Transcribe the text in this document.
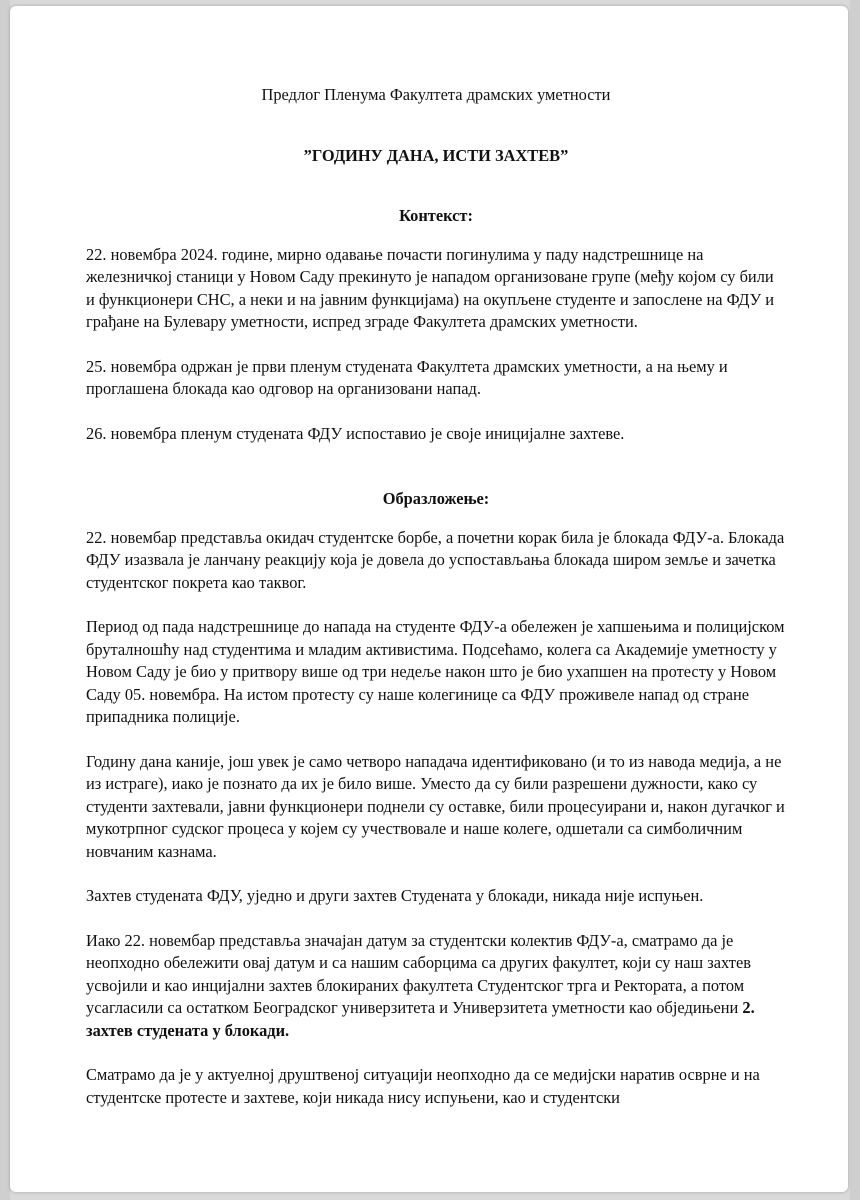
Предлог Пленума Факултета драмских уметности

”ГОДИНУ ДАНА, ИСТИ ЗАХТЕВ”

Контекст:

22. новембра 2024. године, мирно одавање почасти погинулима у паду надстрешнице на железничкој станици у Новом Саду прекинуто је нападом организоване групе (међу којом су били и функционери СНС, а неки и на јавним функцијама) на окупљене студенте и запослене на ФДУ и грађане на Булевару уметности, испред зграде Факултета драмских уметности.

25. новембра одржан је први пленум студената Факултета драмских уметности, а на њему и проглашена блокада као одговор на организовани напад.

26. новембра пленум студената ФДУ испоставио је своје иницијалне захтеве.

Образложење:

22. новембар представља окидач студентске борбе, а почетни корак била је блокада ФДУ-а. Блокада ФДУ изазвала је ланчану реакцију која је довела до успостављања блокада широм земље и зачетка студентског покрета као таквог.

Период од пада надстрешнице до напада на студенте ФДУ-а обележен је хапшењима и полицијском бруталношћу над студентима и младим активистима. Подсећамо, колега са Академије уметносту у Новом Саду је био у притвору више од три недеље након што је био ухапшен на протесту у Новом Саду 05. новембра. На истом протесту су наше колегинице са ФДУ проживеле напад од стране припадника полиције.

Годину дана каније, још увек је само четворо нападача идентификовано (и то из навода медија, а не из истраге), иако је познато да их је било више. Уместо да су били разрешени дужности, како су студенти захтевали, јавни функционери поднели су оставке, били процесуирани и, након дугачког и мукотрпног судског процеса у којем су учествовале и наше колеге, одшетали са симболичним новчаним казнама.

Захтев студената ФДУ, уједно и други захтев Студената у блокади, никада није испуњен.

Иако 22. новембар представља значајан датум за студентски колектив ФДУ-а, сматрамо да је неопходно обележити овај датум и са нашим саборцима са других факултет, који су наш захтев усвојили и као инцијални захтев блокираних факултета Студентског трга и Ректората, а потом усагласили са остатком Београдског универзитета и Универзитета уметности као обједињени 2. захтев студената у блокади.

Сматрамо да је у актуелној друштвеној ситуацији неопходно да се медијски наратив осврне и на студентске протесте и захтеве, који никада нису испуњени, као и студентски
